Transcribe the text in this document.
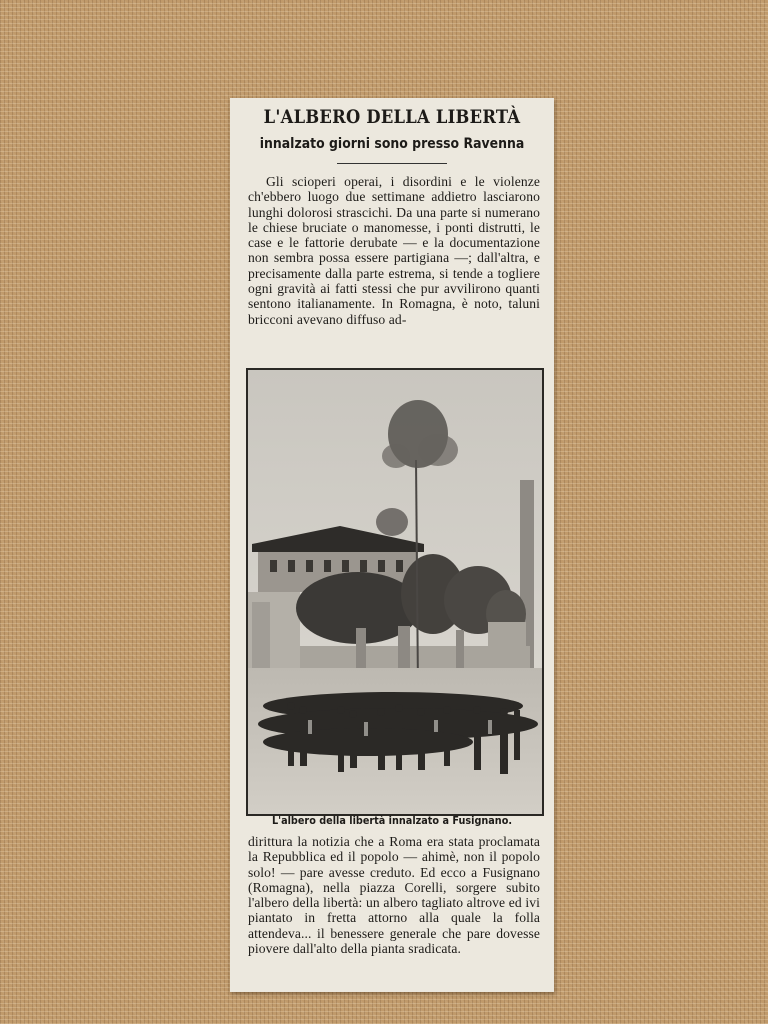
L'ALBERO DELLA LIBERTÀ
innalzato giorni sono presso Ravenna
Gli scioperi operai, i disordini e le violenze ch'ebbero luogo due settimane addietro lasciarono lunghi dolorosi strascichi. Da una parte si numerano le chiese bruciate o manomesse, i ponti distrutti, le case e le fattorie derubate — e la documentazione non sembra possa essere partigiana —; dall'altra, e precisamente dalla parte estrema, si tende a togliere ogni gravità ai fatti stessi che pur avvilirono quanti sentono italianamente. In Romagna, è noto, taluni bricconi avevano diffuso ad-
L'albero della libertà innalzato a Fusignano.
dirittura la notizia che a Roma era stata proclamata la Repubblica ed il popolo — ahimè, non il popolo solo! — pare avesse creduto. Ed ecco a Fusignano (Romagna), nella piazza Corelli, sorgere subito l'albero della libertà: un albero tagliato altrove ed ivi piantato in fretta attorno alla quale la folla attendeva... il benessere generale che pare dovesse piovere dall'alto della pianta sradicata.
